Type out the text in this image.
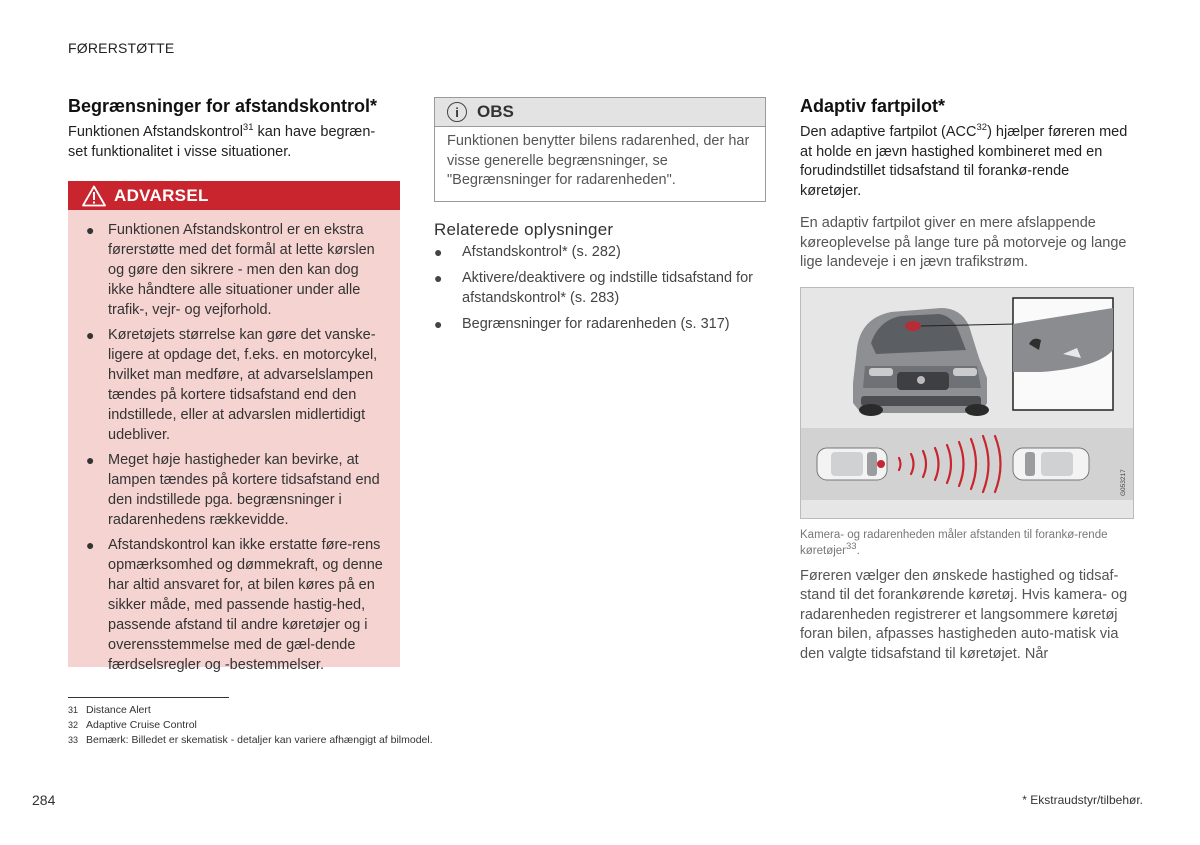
FØRERSTØTTE
Begrænsninger for afstandskontrol*

Funktionen Afstandskontrol$^{31}$ kan have begræn-
set funktionalitet i visse situationer.

ADVARSEL
● Funktionen Afstandskontrol er en ekstra førerstøtte med det formål at lette kørslen og gøre den sikrere - men den kan dog ikke håndtere alle situationer under alle trafik-, vejr- og vejforhold.
● Køretøjets størrelse kan gøre det vanske-ligere at opdage det, f.eks. en motorcykel, hvilket man medføre, at advarselslampen tændes på kortere tidsafstand end den indstillede, eller at advarslen midlertidigt udebliver.
● Meget høje hastigheder kan bevirke, at lampen tændes på kortere tidsafstand end den indstillede pga. begrænsninger i radarenhedens rækkevidde.
● Afstandskontrol kan ikke erstatte føre-rens opmærksomhed og dømmekraft, og denne har altid ansvaret for, at bilen køres på en sikker måde, med passende hastig-hed, passende afstand til andre køretøjer og i overensstemmelse med de gæl-dende færdselsregler og -bestemmelser.
i	OBS
Funktionen benytter bilens radarenhed, der har visse generelle begrænsninger, se "Begrænsninger for radarenheden".
Relaterede oplysninger
● Afstandskontrol* (s. 282)
● Aktivere/deaktivere og indstille tidsafstand for afstandskontrol* (s. 283)
● Begrænsninger for radarenheden (s. 317)
Adaptiv fartpilot*

Den adaptive fartpilot (ACC$^{32}$) hjælper føreren med at holde en jævn hastighed kombineret med en forudindstillet tidsafstand til forankø-rende køretøjer.

En adaptiv fartpilot giver en mere afslappende køreoplevelse på lange ture på motorveje og lange lige landeveje i en jævn trafikstrøm.

G053217

Kamera- og radarenheden måler afstanden til forankø-rende køretøjer$^{33}$.

Føreren vælger den ønskede hastighed og tidsaf-stand til det forankørende køretøj. Hvis kamera- og radarenheden registrerer et langsommere køretøj foran bilen, afpasses hastigheden auto-matisk via den valgte tidsafstand til køretøjet. Når

31 Distance Alert
32 Adaptive Cruise Control
33 Bemærk: Billedet er skematisk - detaljer kan variere afhængigt af bilmodel.
284	* Ekstraudstyr/tilbehør.
